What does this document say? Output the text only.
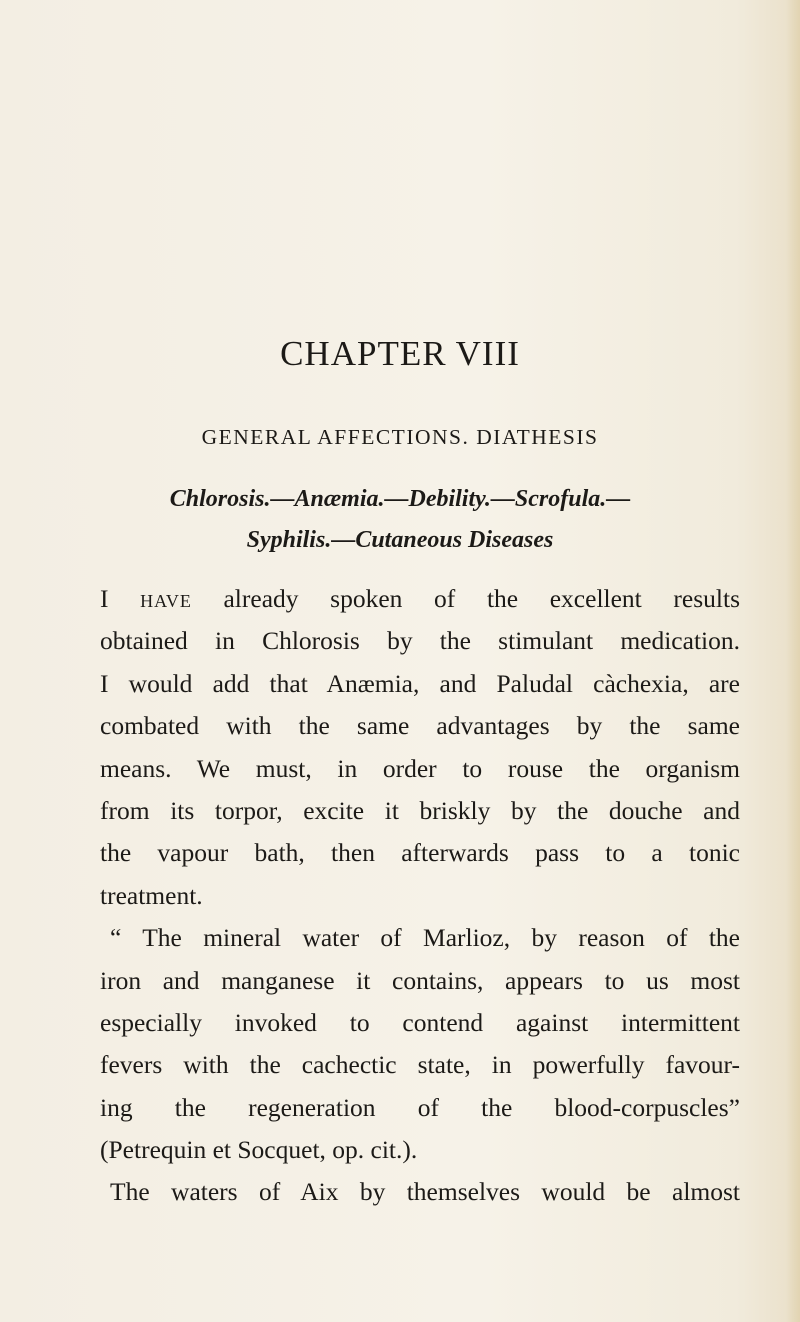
CHAPTER VIII
GENERAL AFFECTIONS. DIATHESIS
Chlorosis.—Anæmia.—Debility.—Scrofula.—
Syphilis.—Cutaneous Diseases
I have already spoken of the excellent results
obtained in Chlorosis by the stimulant medication.
I would add that Anæmia, and Paludal càchexia, are
combated with the same advantages by the same
means. We must, in order to rouse the organism
from its torpor, excite it briskly by the douche and
the vapour bath, then afterwards pass to a tonic
treatment.
“ The mineral water of Marlioz, by reason of the
iron and manganese it contains, appears to us most
especially invoked to contend against intermittent
fevers with the cachectic state, in powerfully favour-
ing the regeneration of the blood-corpuscles”
(Petrequin et Socquet, op. cit.).
The waters of Aix by themselves would be almost
